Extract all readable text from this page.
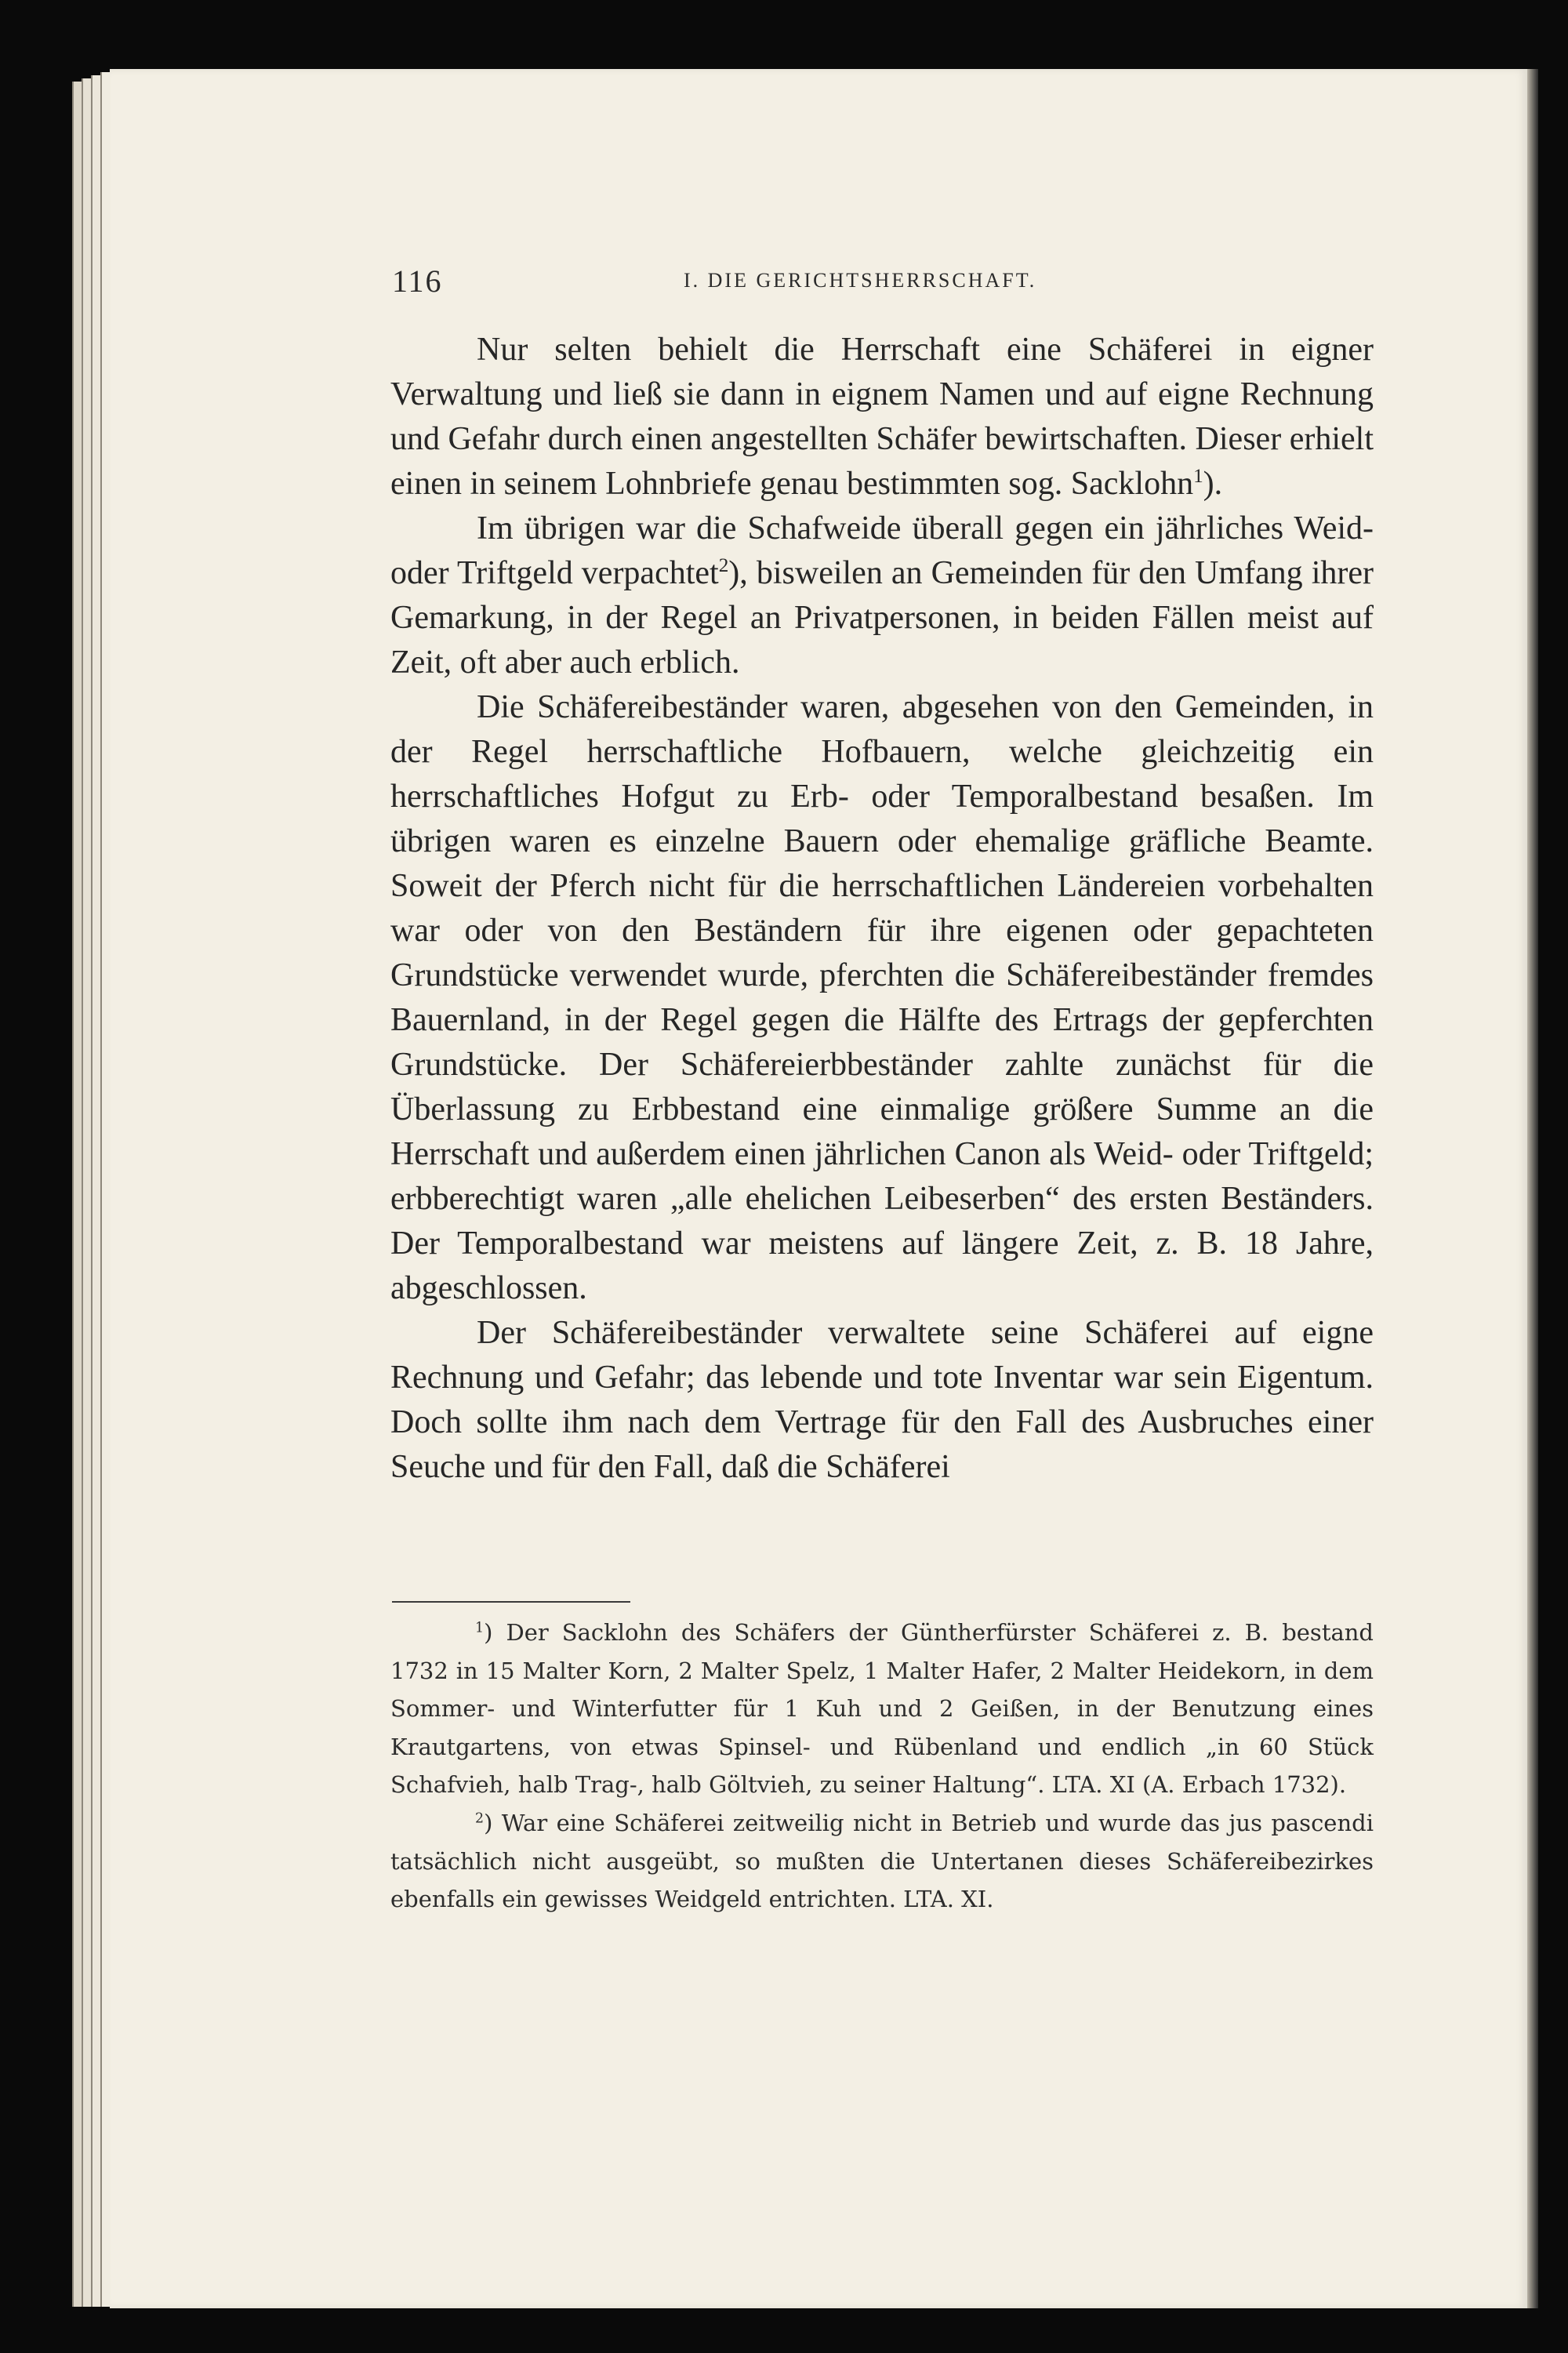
116	I. DIE GERICHTSHERRSCHAFT.

Nur selten behielt die Herrschaft eine Schäferei in eigner Verwaltung und ließ sie dann in eignem Namen und auf eigne Rechnung und Gefahr durch einen angestellten Schäfer bewirtschaften. Dieser erhielt einen in seinem Lohnbriefe genau bestimmten sog. Sacklohn$^1$).

Im übrigen war die Schafweide überall gegen ein jährliches Weid- oder Triftgeld verpachtet$^2$), bisweilen an Gemeinden für den Umfang ihrer Gemarkung, in der Regel an Privatpersonen, in beiden Fällen meist auf Zeit, oft aber auch erblich.

Die Schäfereibeständer waren, abgesehen von den Gemeinden, in der Regel herrschaftliche Hofbauern, welche gleichzeitig ein herrschaftliches Hofgut zu Erb- oder Temporalbestand besaßen. Im übrigen waren es einzelne Bauern oder ehemalige gräfliche Beamte. Soweit der Pferch nicht für die herrschaftlichen Ländereien vorbehalten war oder von den Beständern für ihre eigenen oder gepachteten Grundstücke verwendet wurde, pferchten die Schäfereibeständer fremdes Bauernland, in der Regel gegen die Hälfte des Ertrags der gepferchten Grundstücke. Der Schäfereierbbeständer zahlte zunächst für die Überlassung zu Erbbestand eine einmalige größere Summe an die Herrschaft und außerdem einen jährlichen Canon als Weid- oder Triftgeld; erbberechtigt waren „alle ehelichen Leibeserben“ des ersten Beständers. Der Temporalbestand war meistens auf längere Zeit, z. B. 18 Jahre, abgeschlossen.

Der Schäfereibeständer verwaltete seine Schäferei auf eigne Rechnung und Gefahr; das lebende und tote Inventar war sein Eigentum. Doch sollte ihm nach dem Vertrage für den Fall des Ausbruches einer Seuche und für den Fall, daß die Schäferei

$^1$) Der Sacklohn des Schäfers der Güntherfürster Schäferei z. B. bestand 1732 in 15 Malter Korn, 2 Malter Spelz, 1 Malter Hafer, 2 Malter Heidekorn, in dem Sommer- und Winterfutter für 1 Kuh und 2 Geißen, in der Benutzung eines Krautgartens, von etwas Spinsel- und Rübenland und endlich „in 60 Stück Schafvieh, halb Trag-, halb Göltvieh, zu seiner Haltung“. LTA. XI (A. Erbach 1732).

$^2$) War eine Schäferei zeitweilig nicht in Betrieb und wurde das jus pascendi tatsächlich nicht ausgeübt, so mußten die Untertanen dieses Schäfereibezirkes ebenfalls ein gewisses Weidgeld entrichten. LTA. XI.
